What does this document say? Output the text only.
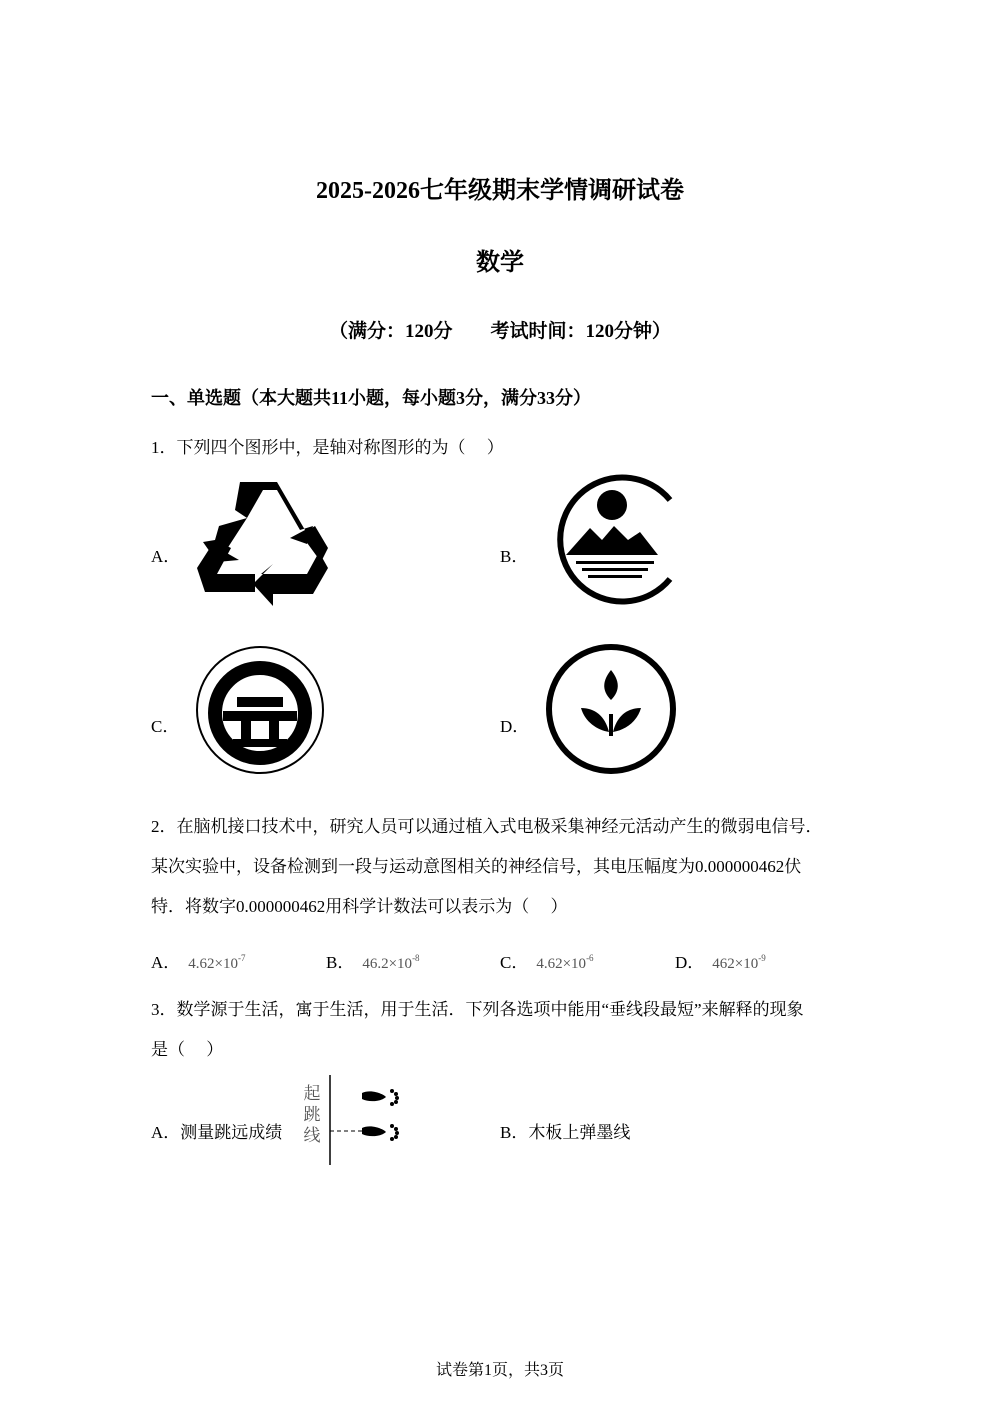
2025-2026七年级期末学情调研试卷
数学
（满分：120分　　考试时间：120分钟）
一、单选题（本大题共11小题，每小题3分，满分33分）
1．下列四个图形中，是轴对称图形的为（　 ）
A．	B．
C．	D．
2．在脑机接口技术中，研究人员可以通过植入式电极采集神经元活动产生的微弱电信号．
某次实验中，设备检测到一段与运动意图相关的神经信号，其电压幅度为0.000000462伏
特．将数字0.000000462用科学计数法可以表示为（　 ）
A． $4.62\times 10^{-7}$	B． $46.2\times 10^{-8}$	C． $4.62\times 10^{-6}$	D． $462\times 10^{-9}$
3．数学源于生活，寓于生活，用于生活．下列各选项中能用“垂线段最短”来解释的现象
是（　 ）
A．测量跳远成绩
起
跳
线	B．木板上弹墨线
试卷第1页，共3页
